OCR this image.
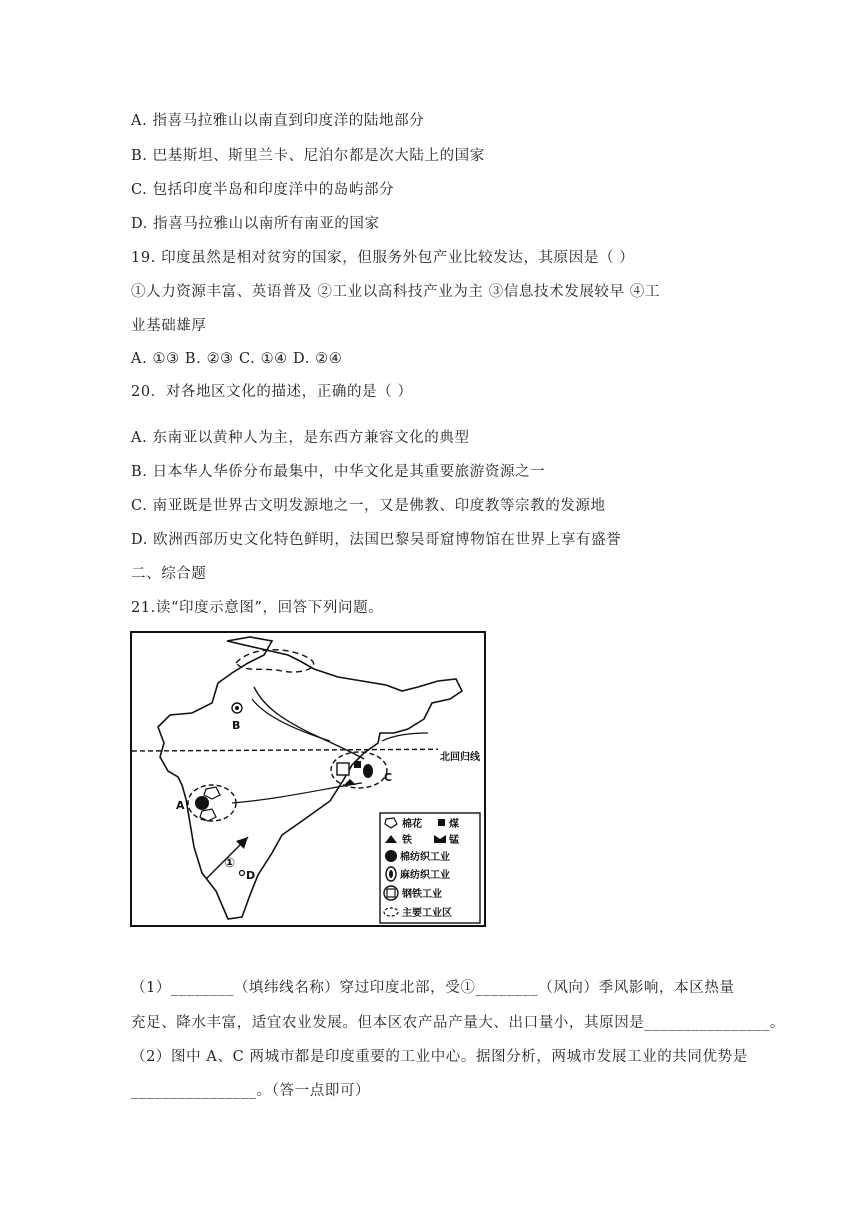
A. 指喜马拉雅山以南直到印度洋的陆地部分
B. 巴基斯坦、斯里兰卡、尼泊尔都是次大陆上的国家
C. 包括印度半岛和印度洋中的岛屿部分
D. 指喜马拉雅山以南所有南亚的国家
19. 印度虽然是相对贫穷的国家，但服务外包产业比较发达，其原因是（ ）
①人力资源丰富、英语普及 ②工业以高科技产业为主 ③信息技术发展较早 ④工
业基础雄厚
A. ①③ B. ②③ C. ①④ D. ②④
20．对各地区文化的描述，正确的是（ ）
A. 东南亚以黄种人为主，是东西方兼容文化的典型
B. 日本华人华侨分布最集中，中华文化是其重要旅游资源之一
C. 南亚既是世界古文明发源地之一，又是佛教、印度教等宗教的发源地
D. 欧洲西部历史文化特色鲜明，法国巴黎吴哥窟博物馆在世界上享有盛誉
二、综合题
21.读“印度示意图”，回答下列问题。
北回归线
B
C
A
①
D
棉花	煤
铁	锰
棉纺织工业
麻纺织工业
钢铁工业
主要工业区
（1）________（填纬线名称）穿过印度北部，受①________（风向）季风影响，本区热量
充足、降水丰富，适宜农业发展。但本区农产品产量大、出口量小，其原因是________________。
（2）图中 A、C 两城市都是印度重要的工业中心。据图分析，两城市发展工业的共同优势是
________________。（答一点即可）
